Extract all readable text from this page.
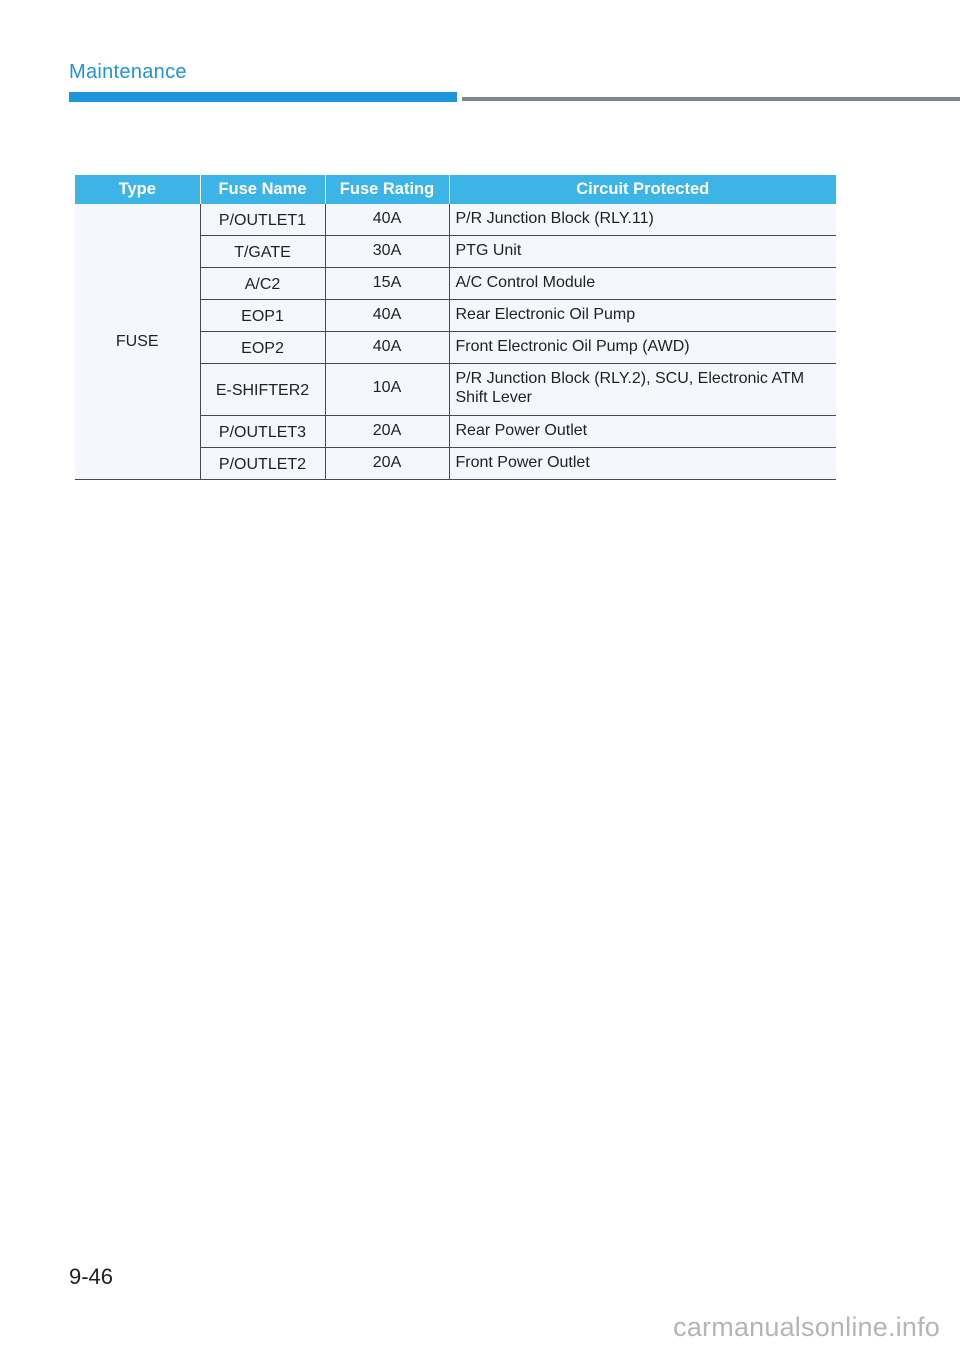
Maintenance
Type	Fuse Name	Fuse Rating	Circuit Protected
FUSE	P/OUTLET1	40A	P/R Junction Block (RLY.11)
	T/GATE	30A	PTG Unit
	A/C2	15A	A/C Control Module
	EOP1	40A	Rear Electronic Oil Pump
	EOP2	40A	Front Electronic Oil Pump (AWD)
	E-SHIFTER2	10A	P/R Junction Block (RLY.2), SCU, Electronic ATM Shift Lever
	P/OUTLET3	20A	Rear Power Outlet
	P/OUTLET2	20A	Front Power Outlet
9-46
carmanualsonline.info
